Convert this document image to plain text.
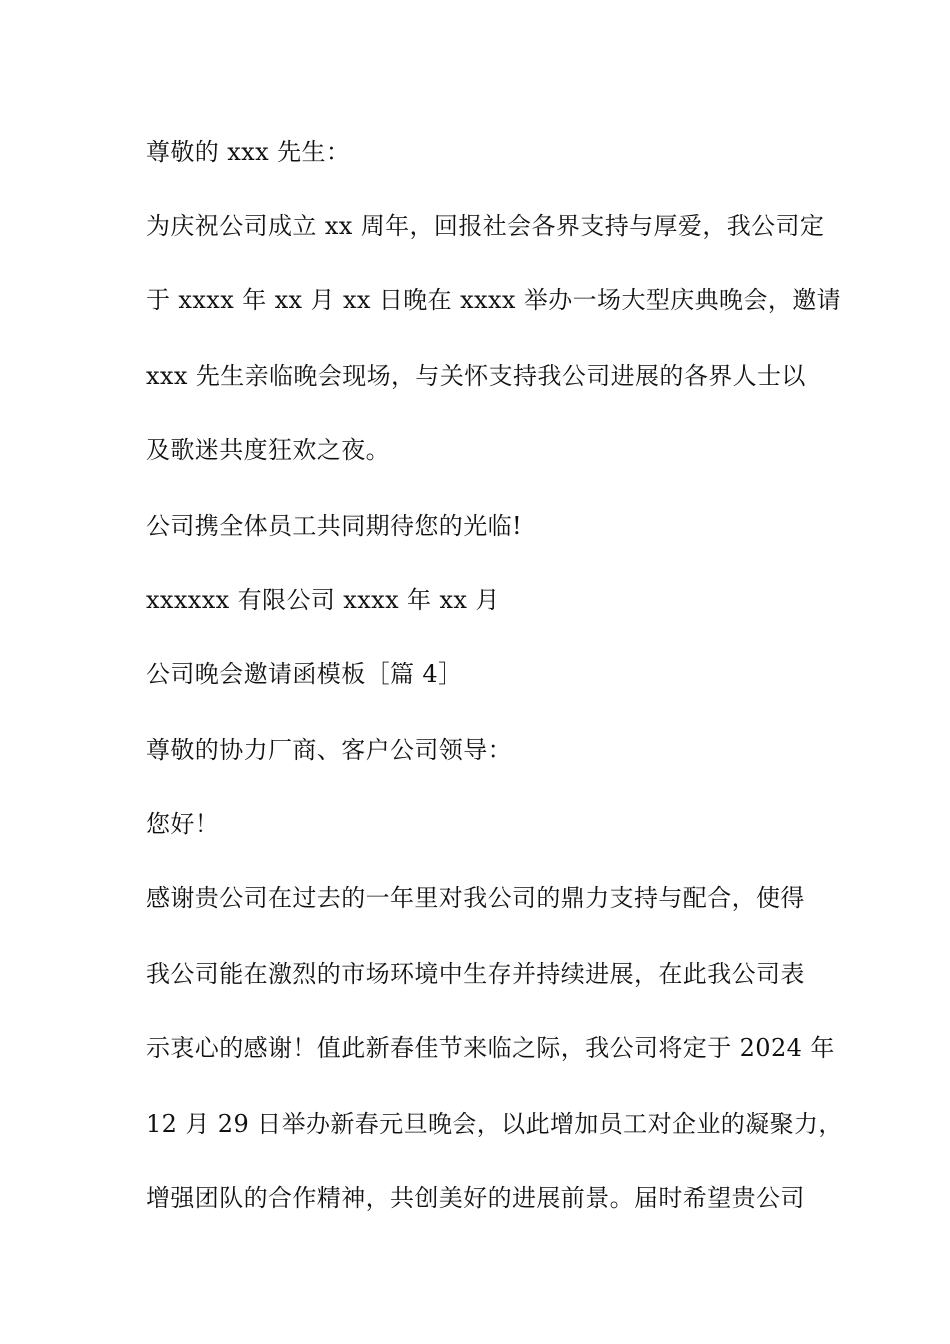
尊敬的 xxx 先生：
为庆祝公司成立 xx 周年，回报社会各界支持与厚爱，我公司定
于 xxxx 年 xx 月 xx 日晚在 xxxx 举办一场大型庆典晚会，邀请
xxx 先生亲临晚会现场，与关怀支持我公司进展的各界人士以
及歌迷共度狂欢之夜。
公司携全体员工共同期待您的光临!
xxxxxx 有限公司 xxxx 年 xx 月
公司晚会邀请函模板［篇 4］
尊敬的协力厂商、客户公司领导：
您好！
感谢贵公司在过去的一年里对我公司的鼎力支持与配合，使得
我公司能在激烈的市场环境中生存并持续进展，在此我公司表
示衷心的感谢！值此新春佳节来临之际，我公司将定于 2024 年
12 月 29 日举办新春元旦晚会，以此增加员工对企业的凝聚力，
增强团队的合作精神，共创美好的进展前景。届时希望贵公司
